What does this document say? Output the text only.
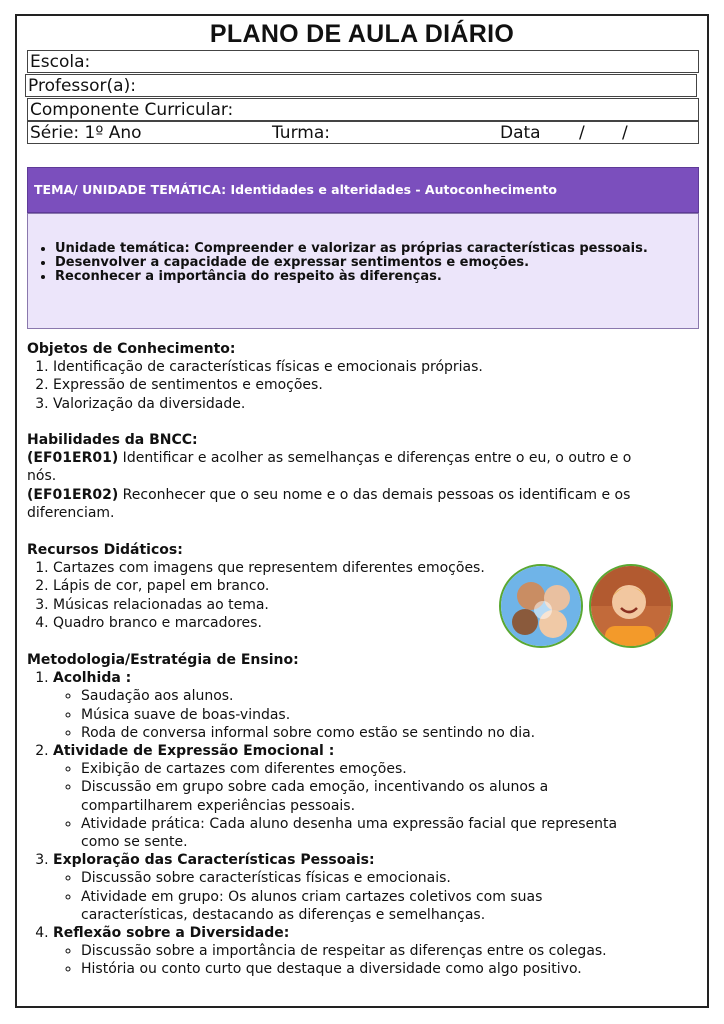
PLANO DE AULA DIÁRIO
Escola:
Professor(a):
Componente Curricular:
Série: 1º Ano	Turma:	Data / /
TEMA/ UNIDADE TEMÁTICA: Identidades e alteridades - Autoconhecimento
• Unidade temática: Compreender e valorizar as próprias características pessoais.
• Desenvolver a capacidade de expressar sentimentos e emoções.
• Reconhecer a importância do respeito às diferenças.
Objetos de Conhecimento:
1. Identificação de características físicas e emocionais próprias.
2. Expressão de sentimentos e emoções.
3. Valorização da diversidade.
Habilidades da BNCC:
(EF01ER01) Identificar e acolher as semelhanças e diferenças entre o eu, o outro e o nós.
(EF01ER02) Reconhecer que o seu nome e o das demais pessoas os identificam e os diferenciam.
Recursos Didáticos:
1. Cartazes com imagens que representem diferentes emoções.
2. Lápis de cor, papel em branco.
3. Músicas relacionadas ao tema.
4. Quadro branco e marcadores.
Metodologia/Estratégia de Ensino:
1. Acolhida :
◦ Saudação aos alunos.
◦ Música suave de boas-vindas.
◦ Roda de conversa informal sobre como estão se sentindo no dia.
2. Atividade de Expressão Emocional :
◦ Exibição de cartazes com diferentes emoções.
◦ Discussão em grupo sobre cada emoção, incentivando os alunos a compartilharem experiências pessoais.
◦ Atividade prática: Cada aluno desenha uma expressão facial que representa como se sente.
3. Exploração das Características Pessoais:
◦ Discussão sobre características físicas e emocionais.
◦ Atividade em grupo: Os alunos criam cartazes coletivos com suas características, destacando as diferenças e semelhanças.
4. Reflexão sobre a Diversidade:
◦ Discussão sobre a importância de respeitar as diferenças entre os colegas.
◦ História ou conto curto que destaque a diversidade como algo positivo.
